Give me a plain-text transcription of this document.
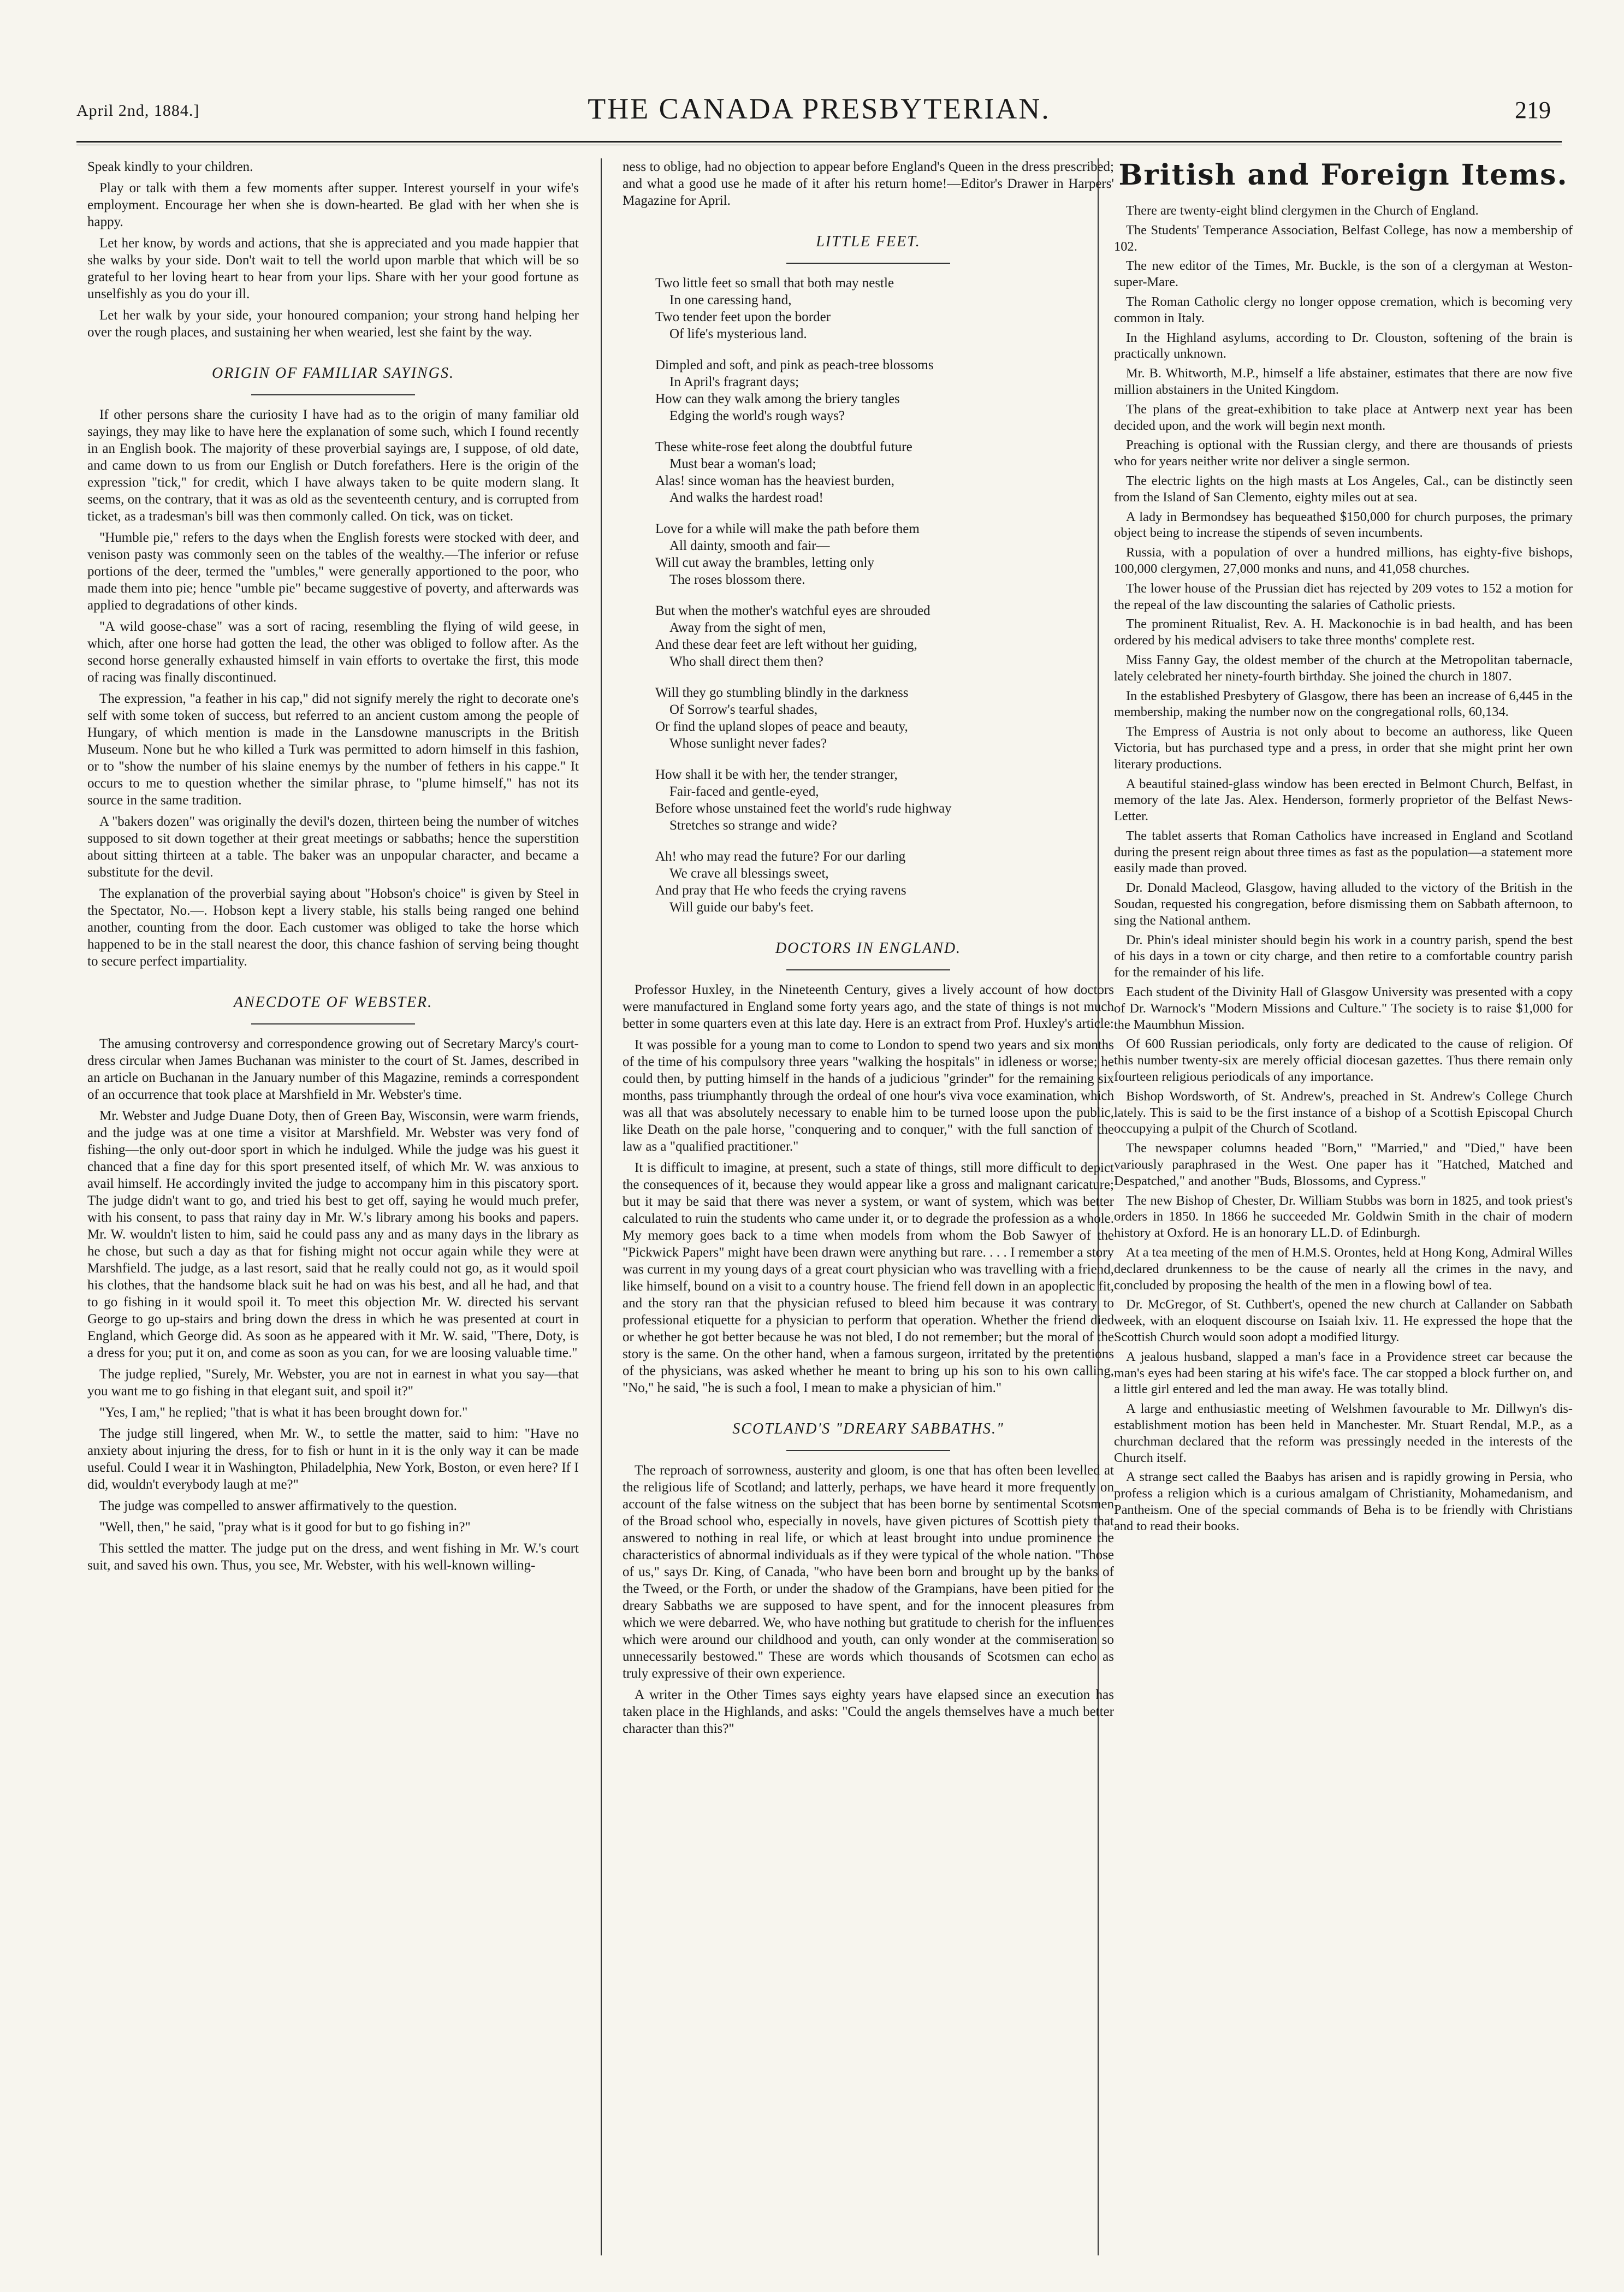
April 2nd, 1884.]	THE CANADA PRESBYTERIAN.	219

Speak kindly to your children.

Play or talk with them a few moments after supper. Interest yourself in your wife's employment. Encourage her when she is down-hearted. Be glad with her when she is happy.

Let her know, by words and actions, that she is appreciated and you made happier that she walks by your side. Don't wait to tell the world upon marble that which will be so grateful to her loving heart to hear from your lips. Share with her your good fortune as unselfishly as you do your ill.

Let her walk by your side, your honoured companion; your strong hand helping her over the rough places, and sustaining her when wearied, lest she faint by the way.

ORIGIN OF FAMILIAR SAYINGS.

If other persons share the curiosity I have had as to the origin of many familiar old sayings, they may like to have here the explanation of some such, which I found recently in an English book. The majority of these proverbial sayings are, I suppose, of old date, and came down to us from our English or Dutch forefathers. Here is the origin of the expression "tick," for credit, which I have always taken to be quite modern slang. It seems, on the contrary, that it was as old as the seventeenth century, and is corrupted from ticket, as a tradesman's bill was then commonly called. On tick, was on ticket.

"Humble pie," refers to the days when the English forests were stocked with deer, and venison pasty was commonly seen on the tables of the wealthy.—The inferior or refuse portions of the deer, termed the "umbles," were generally apportioned to the poor, who made them into pie; hence "umble pie" became suggestive of poverty, and afterwards was applied to degradations of other kinds.

"A wild goose-chase" was a sort of racing, resembling the flying of wild geese, in which, after one horse had gotten the lead, the other was obliged to follow after. As the second horse generally exhausted himself in vain efforts to overtake the first, this mode of racing was finally discontinued.

The expression, "a feather in his cap," did not signify merely the right to decorate one's self with some token of success, but referred to an ancient custom among the people of Hungary, of which mention is made in the Lansdowne manuscripts in the British Museum. None but he who killed a Turk was permitted to adorn himself in this fashion, or to "show the number of his slaine enemys by the number of fethers in his cappe." It occurs to me to question whether the similar phrase, to "plume himself," has not its source in the same tradition.

A "bakers dozen" was originally the devil's dozen, thirteen being the number of witches supposed to sit down together at their great meetings or sabbaths; hence the superstition about sitting thirteen at a table. The baker was an unpopular character, and became a substitute for the devil.

The explanation of the proverbial saying about "Hobson's choice" is given by Steel in the Spectator, No.—. Hobson kept a livery stable, his stalls being ranged one behind another, counting from the door. Each customer was obliged to take the horse which happened to be in the stall nearest the door, this chance fashion of serving being thought to secure perfect impartiality.

ANECDOTE OF WEBSTER.

The amusing controversy and correspondence growing out of Secretary Marcy's court-dress circular when James Buchanan was minister to the court of St. James, described in an article on Buchanan in the January number of this Magazine, reminds a correspondent of an occurrence that took place at Marshfield in Mr. Webster's time.

Mr. Webster and Judge Duane Doty, then of Green Bay, Wisconsin, were warm friends, and the judge was at one time a visitor at Marshfield. Mr. Webster was very fond of fishing—the only out-door sport in which he indulged. While the judge was his guest it chanced that a fine day for this sport presented itself, of which Mr. W. was anxious to avail himself. He accordingly invited the judge to accompany him in this piscatory sport. The judge didn't want to go, and tried his best to get off, saying he would much prefer, with his consent, to pass that rainy day in Mr. W.'s library among his books and papers. Mr. W. wouldn't listen to him, said he could pass any and as many days in the library as he chose, but such a day as that for fishing might not occur again while they were at Marshfield. The judge, as a last resort, said that he really could not go, as it would spoil his clothes, that the handsome black suit he had on was his best, and all he had, and that to go fishing in it would spoil it. To meet this objection Mr. W. directed his servant George to go up-stairs and bring down the dress in which he was presented at court in England, which George did. As soon as he appeared with it Mr. W. said, "There, Doty, is a dress for you; put it on, and come as soon as you can, for we are loosing valuable time."

The judge replied, "Surely, Mr. Webster, you are not in earnest in what you say—that you want me to go fishing in that elegant suit, and spoil it?"

"Yes, I am," he replied; "that is what it has been brought down for."

The judge still lingered, when Mr. W., to settle the matter, said to him: "Have no anxiety about injuring the dress, for to fish or hunt in it is the only way it can be made useful. Could I wear it in Washington, Philadelphia, New York, Boston, or even here? If I did, wouldn't everybody laugh at me?"

The judge was compelled to answer affirmatively to the question.

"Well, then," he said, "pray what is it good for but to go fishing in?"

This settled the matter. The judge put on the dress, and went fishing in Mr. W.'s court suit, and saved his own. Thus, you see, Mr. Webster, with his well-known willing-

ness to oblige, had no objection to appear before England's Queen in the dress prescribed; and what a good use he made of it after his return home!—Editor's Drawer in Harpers' Magazine for April.

LITTLE FEET.
Two little feet so small that both may nestle
In one caressing hand,
Two tender feet upon the border
Of life's mysterious land.
Dimpled and soft, and pink as peach-tree blossoms
In April's fragrant days;
How can they walk among the briery tangles
Edging the world's rough ways?
These white-rose feet along the doubtful future
Must bear a woman's load;
Alas! since woman has the heaviest burden,
And walks the hardest road!
Love for a while will make the path before them
All dainty, smooth and fair—
Will cut away the brambles, letting only
The roses blossom there.
But when the mother's watchful eyes are shrouded
Away from the sight of men,
And these dear feet are left without her guiding,
Who shall direct them then?
Will they go stumbling blindly in the darkness
Of Sorrow's tearful shades,
Or find the upland slopes of peace and beauty,
Whose sunlight never fades?
How shall it be with her, the tender stranger,
Fair-faced and gentle-eyed,
Before whose unstained feet the world's rude highway
Stretches so strange and wide?
Ah! who may read the future? For our darling
We crave all blessings sweet,
And pray that He who feeds the crying ravens
Will guide our baby's feet.
DOCTORS IN ENGLAND.

Professor Huxley, in the Nineteenth Century, gives a lively account of how doctors were manufactured in England some forty years ago, and the state of things is not much better in some quarters even at this late day. Here is an extract from Prof. Huxley's article:

It was possible for a young man to come to London to spend two years and six months of the time of his compulsory three years "walking the hospitals" in idleness or worse; he could then, by putting himself in the hands of a judicious "grinder" for the remaining six months, pass triumphantly through the ordeal of one hour's viva voce examination, which was all that was absolutely necessary to enable him to be turned loose upon the public, like Death on the pale horse, "conquering and to conquer," with the full sanction of the law as a "qualified practitioner."

It is difficult to imagine, at present, such a state of things, still more difficult to depict the consequences of it, because they would appear like a gross and malignant caricature; but it may be said that there was never a system, or want of system, which was better calculated to ruin the students who came under it, or to degrade the profession as a whole. My memory goes back to a time when models from whom the Bob Sawyer of the "Pickwick Papers" might have been drawn were anything but rare. . . . I remember a story was current in my young days of a great court physician who was travelling with a friend, like himself, bound on a visit to a country house. The friend fell down in an apoplectic fit, and the story ran that the physician refused to bleed him because it was contrary to professional etiquette for a physician to perform that operation. Whether the friend died or whether he got better because he was not bled, I do not remember; but the moral of the story is the same. On the other hand, when a famous surgeon, irritated by the pretentions of the physicians, was asked whether he meant to bring up his son to his own calling, "No," he said, "he is such a fool, I mean to make a physician of him."

SCOTLAND'S "DREARY SABBATHS."

The reproach of sorrowness, austerity and gloom, is one that has often been levelled at the religious life of Scotland; and latterly, perhaps, we have heard it more frequently on account of the false witness on the subject that has been borne by sentimental Scotsmen of the Broad school who, especially in novels, have given pictures of Scottish piety that answered to nothing in real life, or which at least brought into undue prominence the characteristics of abnormal individuals as if they were typical of the whole nation. "Those of us," says Dr. King, of Canada, "who have been born and brought up by the banks of the Tweed, or the Forth, or under the shadow of the Grampians, have been pitied for the dreary Sabbaths we are supposed to have spent, and for the innocent pleasures from which we were debarred. We, who have nothing but gratitude to cherish for the influences which were around our childhood and youth, can only wonder at the commiseration so unnecessarily bestowed." These are words which thousands of Scotsmen can echo as truly expressive of their own experience.

A writer in the Other Times says eighty years have elapsed since an execution has taken place in the Highlands, and asks: "Could the angels themselves have a much better character than this?"

British and Foreign Items.

There are twenty-eight blind clergymen in the Church of England.

The Students' Temperance Association, Belfast College, has now a membership of 102.

The new editor of the Times, Mr. Buckle, is the son of a clergyman at Weston-super-Mare.

The Roman Catholic clergy no longer oppose cremation, which is becoming very common in Italy.

In the Highland asylums, according to Dr. Clouston, softening of the brain is practically unknown.

Mr. B. Whitworth, M.P., himself a life abstainer, estimates that there are now five million abstainers in the United Kingdom.

The plans of the great-exhibition to take place at Antwerp next year has been decided upon, and the work will begin next month.

Preaching is optional with the Russian clergy, and there are thousands of priests who for years neither write nor deliver a single sermon.

The electric lights on the high masts at Los Angeles, Cal., can be distinctly seen from the Island of San Clemento, eighty miles out at sea.

A lady in Bermondsey has bequeathed $150,000 for church purposes, the primary object being to increase the stipends of seven incumbents.

Russia, with a population of over a hundred millions, has eighty-five bishops, 100,000 clergymen, 27,000 monks and nuns, and 41,058 churches.

The lower house of the Prussian diet has rejected by 209 votes to 152 a motion for the repeal of the law discounting the salaries of Catholic priests.

The prominent Ritualist, Rev. A. H. Mackonochie is in bad health, and has been ordered by his medical advisers to take three months' complete rest.

Miss Fanny Gay, the oldest member of the church at the Metropolitan tabernacle, lately celebrated her ninety-fourth birthday. She joined the church in 1807.

In the established Presbytery of Glasgow, there has been an increase of 6,445 in the membership, making the number now on the congregational rolls, 60,134.

The Empress of Austria is not only about to become an authoress, like Queen Victoria, but has purchased type and a press, in order that she might print her own literary productions.

A beautiful stained-glass window has been erected in Belmont Church, Belfast, in memory of the late Jas. Alex. Henderson, formerly proprietor of the Belfast News-Letter.

The tablet asserts that Roman Catholics have increased in England and Scotland during the present reign about three times as fast as the population—a statement more easily made than proved.

Dr. Donald Macleod, Glasgow, having alluded to the victory of the British in the Soudan, requested his congregation, before dismissing them on Sabbath afternoon, to sing the National anthem.

Dr. Phin's ideal minister should begin his work in a country parish, spend the best of his days in a town or city charge, and then retire to a comfortable country parish for the remainder of his life.

Each student of the Divinity Hall of Glasgow University was presented with a copy of Dr. Warnock's "Modern Missions and Culture." The society is to raise $1,000 for the Maumbhun Mission.

Of 600 Russian periodicals, only forty are dedicated to the cause of religion. Of this number twenty-six are merely official diocesan gazettes. Thus there remain only fourteen religious periodicals of any importance.

Bishop Wordsworth, of St. Andrew's, preached in St. Andrew's College Church lately. This is said to be the first instance of a bishop of a Scottish Episcopal Church occupying a pulpit of the Church of Scotland.

The newspaper columns headed "Born," "Married," and "Died," have been variously paraphrased in the West. One paper has it "Hatched, Matched and Despatched," and another "Buds, Blossoms, and Cypress."

The new Bishop of Chester, Dr. William Stubbs was born in 1825, and took priest's orders in 1850. In 1866 he succeeded Mr. Goldwin Smith in the chair of modern history at Oxford. He is an honorary LL.D. of Edinburgh.

At a tea meeting of the men of H.M.S. Orontes, held at Hong Kong, Admiral Willes declared drunkenness to be the cause of nearly all the crimes in the navy, and concluded by proposing the health of the men in a flowing bowl of tea.

Dr. McGregor, of St. Cuthbert's, opened the new church at Callander on Sabbath week, with an eloquent discourse on Isaiah lxiv. 11. He expressed the hope that the Scottish Church would soon adopt a modified liturgy.

A jealous husband, slapped a man's face in a Providence street car because the man's eyes had been staring at his wife's face. The car stopped a block further on, and a little girl entered and led the man away. He was totally blind.

A large and enthusiastic meeting of Welshmen favourable to Mr. Dillwyn's dis-establishment motion has been held in Manchester. Mr. Stuart Rendal, M.P., as a churchman declared that the reform was pressingly needed in the interests of the Church itself.

A strange sect called the Baabys has arisen and is rapidly growing in Persia, who profess a religion which is a curious amalgam of Christianity, Mohamedanism, and Pantheism. One of the special commands of Beha is to be friendly with Christians and to read their books.
